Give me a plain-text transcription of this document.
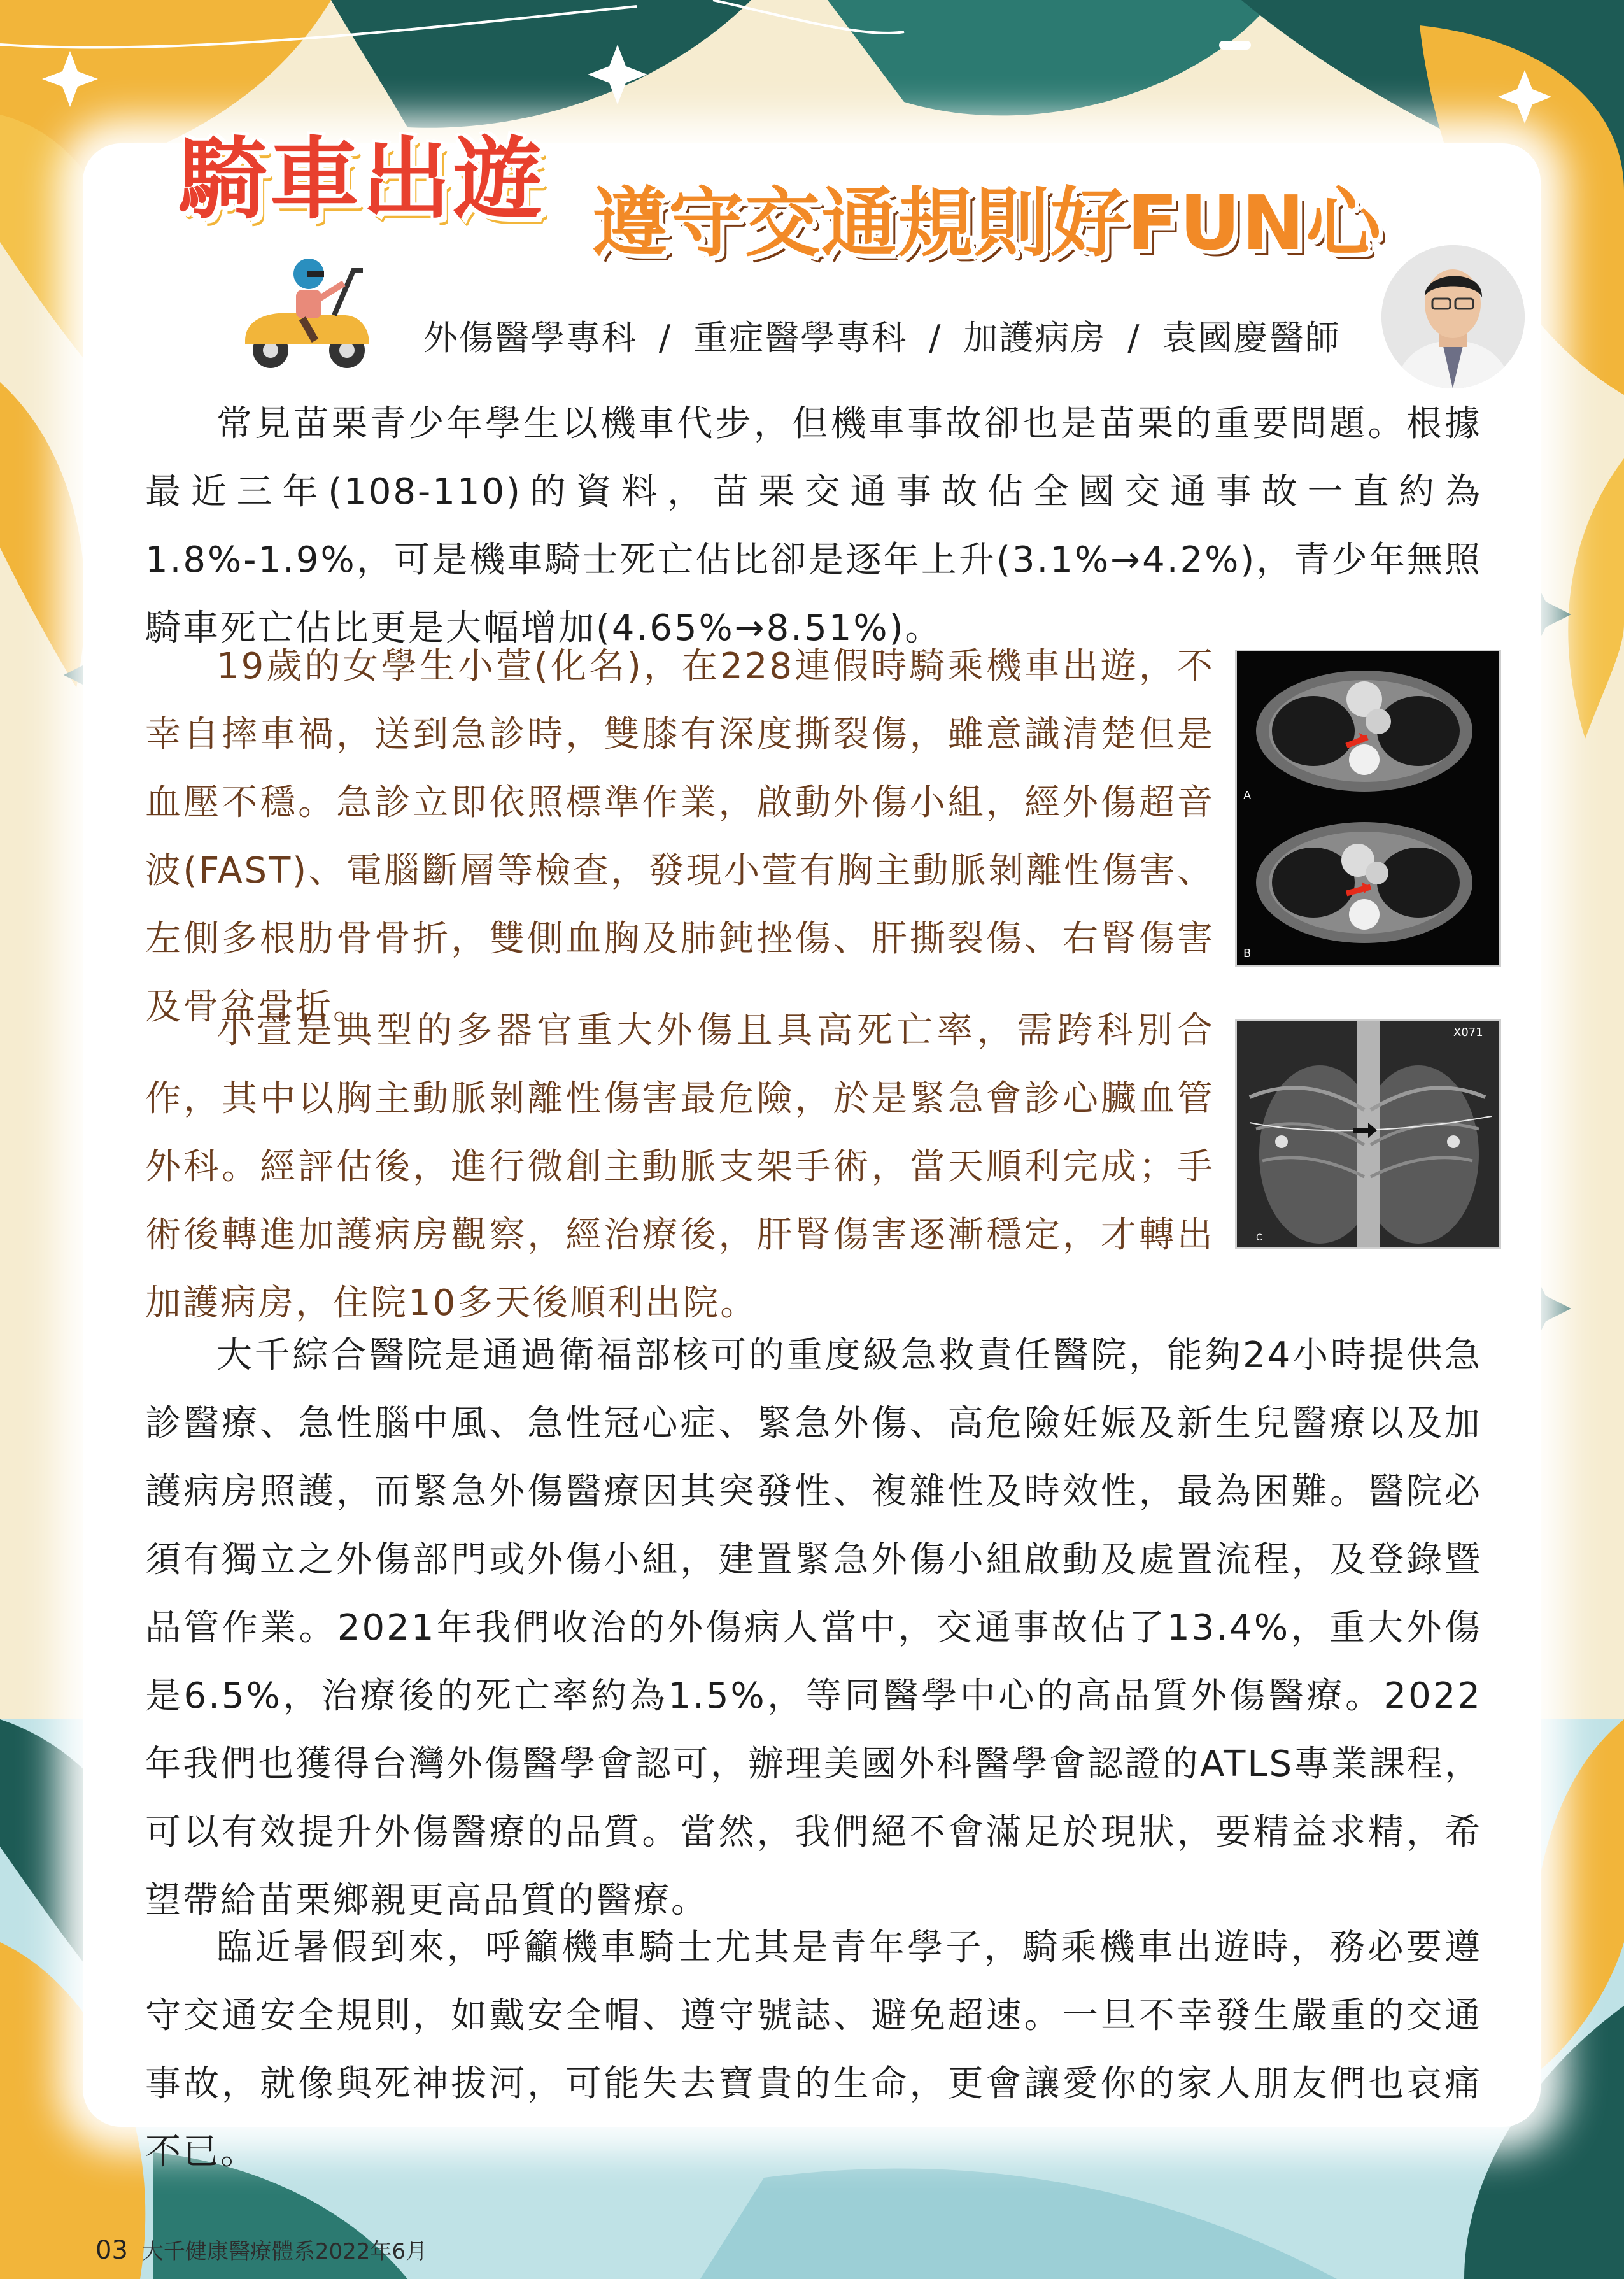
騎車出遊 遵守交通規則好FUN心
外傷醫學專科 / 重症醫學專科 / 加護病房 / 袁國慶醫師

常見苗栗青少年學生以機車代步，但機車事故卻也是苗栗的重要問題。根據最近三年(108-110)的資料，苗栗交通事故佔全國交通事故一直約為1.8%-1.9%，可是機車騎士死亡佔比卻是逐年上升(3.1%→4.2%)，青少年無照騎車死亡佔比更是大幅增加(4.65%→8.51%)。

19歲的女學生小萱(化名)，在228連假時騎乘機車出遊，不幸自摔車禍，送到急診時，雙膝有深度撕裂傷，雖意識清楚但是血壓不穩。急診立即依照標準作業，啟動外傷小組，經外傷超音波(FAST)、電腦斷層等檢查，發現小萱有胸主動脈剝離性傷害、左側多根肋骨骨折，雙側血胸及肺鈍挫傷、肝撕裂傷、右腎傷害及骨盆骨折。

小萱是典型的多器官重大外傷且具高死亡率，需跨科別合作，其中以胸主動脈剝離性傷害最危險，於是緊急會診心臟血管外科。經評估後，進行微創主動脈支架手術，當天順利完成；手術後轉進加護病房觀察，經治療後，肝腎傷害逐漸穩定，才轉出加護病房，住院10多天後順利出院。

大千綜合醫院是通過衛福部核可的重度級急救責任醫院，能夠24小時提供急診醫療、急性腦中風、急性冠心症、緊急外傷、高危險妊娠及新生兒醫療以及加護病房照護，而緊急外傷醫療因其突發性、複雜性及時效性，最為困難。醫院必須有獨立之外傷部門或外傷小組，建置緊急外傷小組啟動及處置流程，及登錄暨品管作業。2021年我們收治的外傷病人當中，交通事故佔了13.4%，重大外傷是6.5%，治療後的死亡率約為1.5%，等同醫學中心的高品質外傷醫療。2022年我們也獲得台灣外傷醫學會認可，辦理美國外科醫學會認證的ATLS專業課程，可以有效提升外傷醫療的品質。當然，我們絕不會滿足於現狀，要精益求精，希望帶給苗栗鄉親更高品質的醫療。

臨近暑假到來，呼籲機車騎士尤其是青年學子，騎乘機車出遊時，務必要遵守交通安全規則，如戴安全帽、遵守號誌、避免超速。一旦不幸發生嚴重的交通事故，就像與死神拔河，可能失去寶貴的生命，更會讓愛你的家人朋友們也哀痛不已。

A
B
X071
C
03 大千健康醫療體系2022年6月
